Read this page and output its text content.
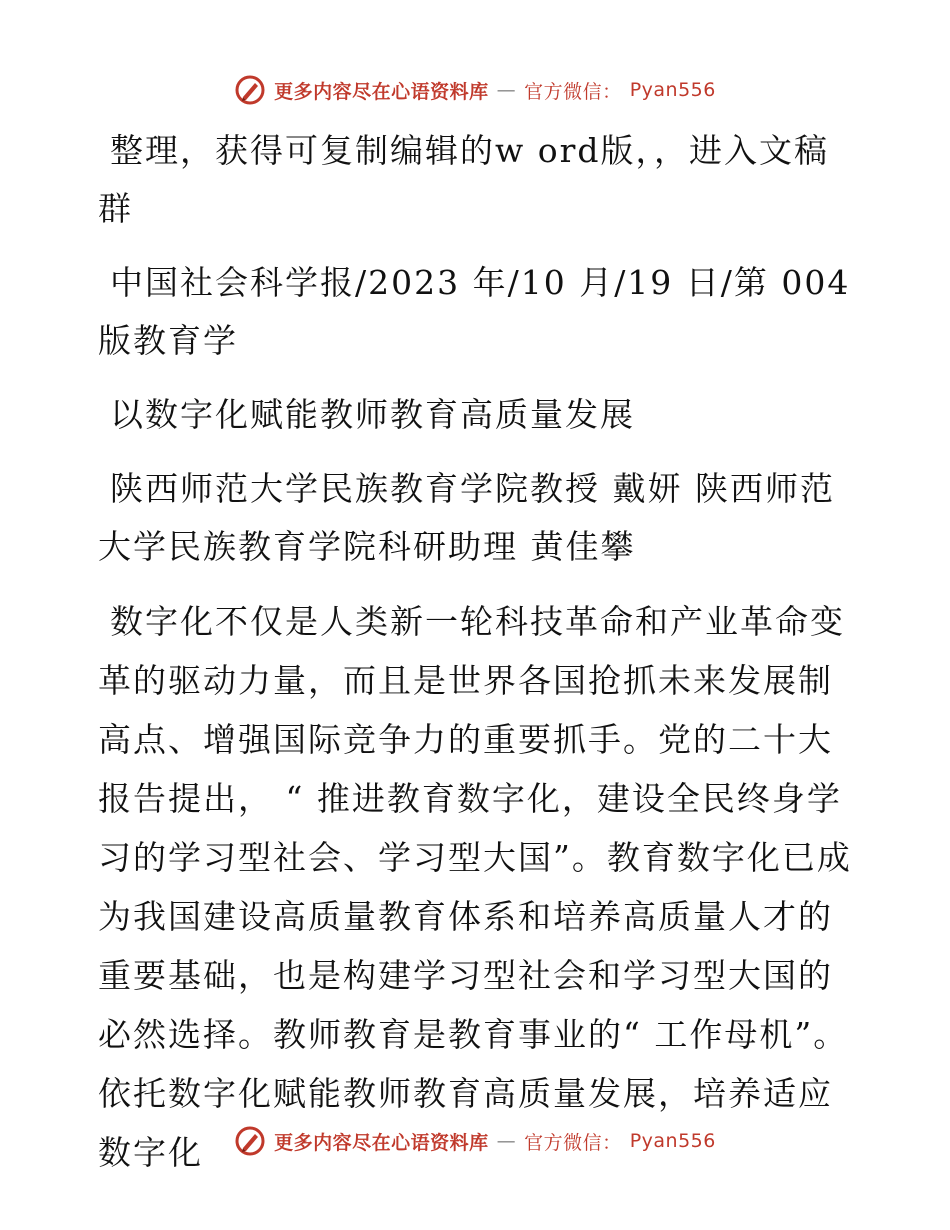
更多内容尽在心语资料库 — 官方微信： Pyan556

整理，获得可复制编辑的w ord版，，进入文稿群

中国社会科学报/2023 年/10 月/19 日/第 004 版教育学

以数字化赋能教师教育高质量发展

陕西师范大学民族教育学院教授 戴妍 陕西师范大学民族教育学院科研助理 黄佳攀

数字化不仅是人类新一轮科技革命和产业革命变革的驱动力量，而且是世界各国抢抓未来发展制高点、增强国际竞争力的重要抓手。党的二十大报告提出， “ 推进教育数字化，建设全民终身学习的学习型社会、学习型大国”。教育数字化已成为我国建设高质量教育体系和培养高质量人才的重要基础，也是构建学习型社会和学习型大国的必然选择。教师教育是教育事业的“ 工作母机”。依托数字化赋能教师教育高质量发展，培养适应数字化	更多内容尽在心语资料库 — 官方微信： Pyan556
